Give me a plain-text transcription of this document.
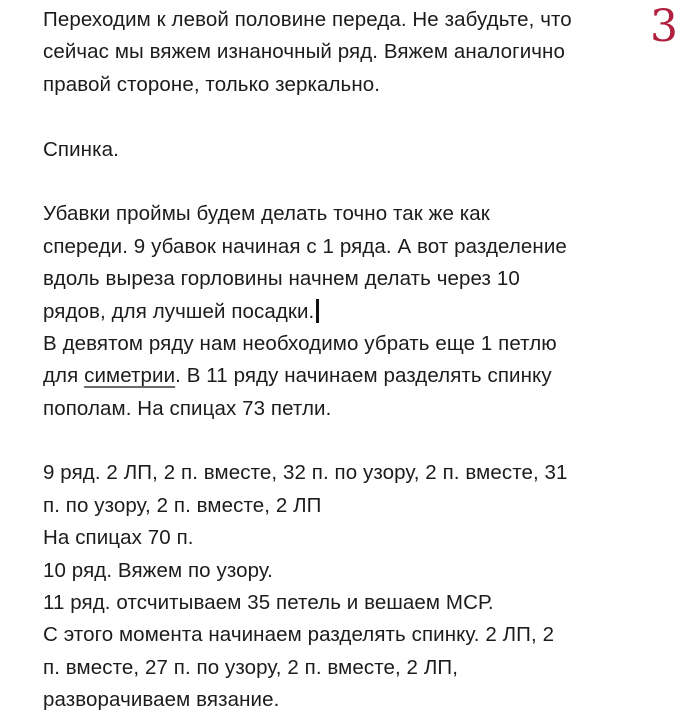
3
Переходим к левой половине переда. Не забудьте, что
сейчас мы вяжем изнаночный ряд. Вяжем аналогично
правой стороне, только зеркально.
Спинка.
Убавки проймы будем делать точно так же как
спереди. 9 убавок начиная с 1 ряда. А вот разделение
вдоль выреза горловины начнем делать через 10
рядов, для лучшей посадки.
В девятом ряду нам необходимо убрать еще 1 петлю
для симетрии. В 11 ряду начинаем разделять спинку
пополам. На спицах 73 петли.
9 ряд. 2 ЛП, 2 п. вместе, 32 п. по узору, 2 п. вместе, 31
п. по узору, 2 п. вместе, 2 ЛП
На спицах 70 п.
10 ряд. Вяжем по узору.
11 ряд. отсчитываем 35 петель и вешаем МСР.
С этого момента начинаем разделять спинку. 2 ЛП, 2
п. вместе, 27 п. по узору, 2 п. вместе, 2 ЛП,
разворачиваем вязание.
